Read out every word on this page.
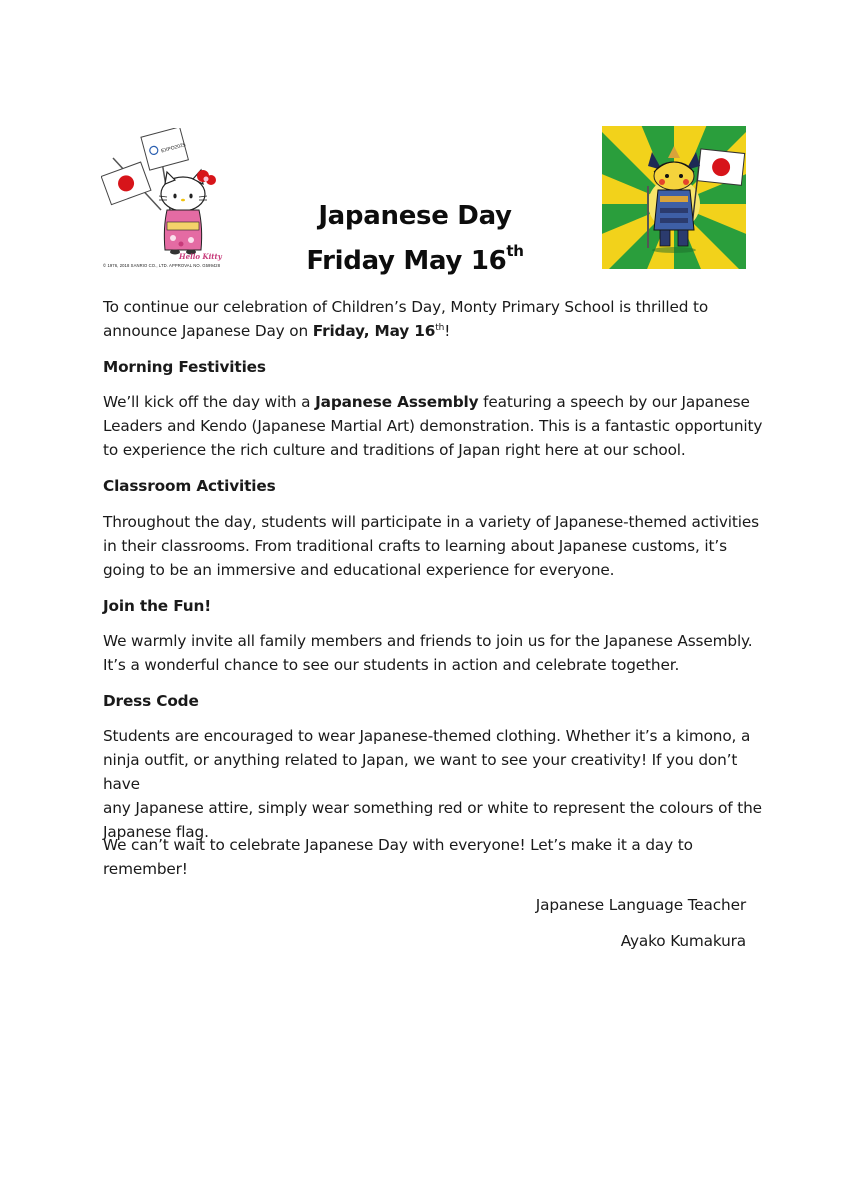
EXPO2025
Hello Kitty
© 1976, 2018 SANRIO CO., LTD. APPROVAL NO. G599428
Japanese Day
Friday May 16th

To continue our celebration of Children’s Day, Monty Primary School is thrilled to
announce Japanese Day on Friday, May 16th!

Morning Festivities

We’ll kick off the day with a Japanese Assembly featuring a speech by our Japanese
Leaders and Kendo (Japanese Martial Art) demonstration. This is a fantastic opportunity
to experience the rich culture and traditions of Japan right here at our school.

Classroom Activities

Throughout the day, students will participate in a variety of Japanese-themed activities
in their classrooms. From traditional crafts to learning about Japanese customs, it’s
going to be an immersive and educational experience for everyone.

Join the Fun!

We warmly invite all family members and friends to join us for the Japanese Assembly.
It’s a wonderful chance to see our students in action and celebrate together.

Dress Code

Students are encouraged to wear Japanese-themed clothing. Whether it’s a kimono, a
ninja outfit, or anything related to Japan, we want to see your creativity! If you don’t have
any Japanese attire, simply wear something red or white to represent the colours of the
Japanese flag.

We can’t wait to celebrate Japanese Day with everyone! Let’s make it a day to
remember!

Japanese Language Teacher
Ayako Kumakura
